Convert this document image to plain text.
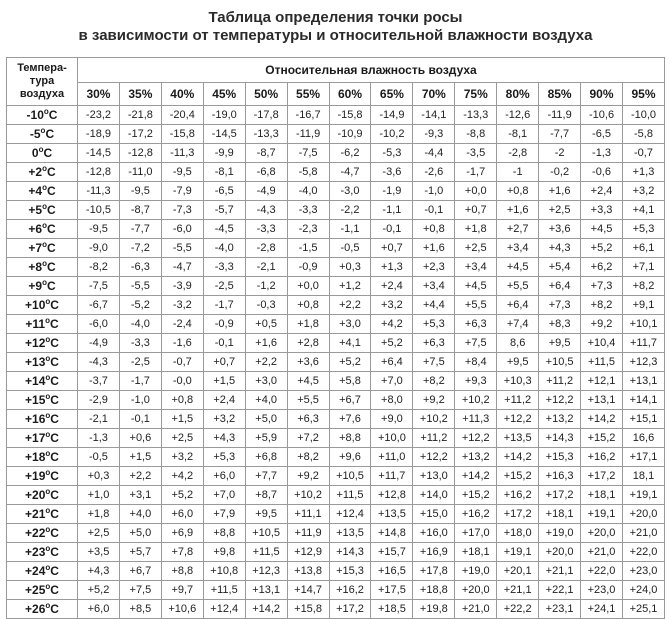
Таблица определения точки росы
в зависимости от температуры и относительной влажности воздуха
Темпера-
тура
воздуха	Относительная влажность воздуха													
	30%	35%	40%	45%	50%	55%	60%	65%	70%	75%	80%	85%	90%	95%
-10$^o$C	-23,2	-21,8	-20,4	-19,0	-17,8	-16,7	-15,8	-14,9	-14,1	-13,3	-12,6	-11,9	-10,6	-10,0
-5$^o$C	-18,9	-17,2	-15,8	-14,5	-13,3	-11,9	-10,9	-10,2	-9,3	-8,8	-8,1	-7,7	-6,5	-5,8
0$^o$C	-14,5	-12,8	-11,3	-9,9	-8,7	-7,5	-6,2	-5,3	-4,4	-3,5	-2,8	-2	-1,3	-0,7
$+2^oC$	-12,8	-11,0	-9,5	-8,1	-6,8	-5,8	-4,7	-3,6	-2,6	-1,7	-1	-0,2	-0,6	+1,3
$+4^oC$	-11,3	-9,5	-7,9	-6,5	-4,9	-4,0	-3,0	-1,9	-1,0	+0,0	+0,8	+1,6	+2,4	+3,2
$+5^oC$	-10,5	-8,7	-7,3	-5,7	-4,3	-3,3	-2,2	-1,1	-0,1	+0,7	+1,6	+2,5	+3,3	+4,1
$+6^oC$	-9,5	-7,7	-6,0	-4,5	-3,3	-2,3	-1,1	-0,1	+0,8	+1,8	+2,7	+3,6	+4,5	+5,3
$+7^oC$	-9,0	-7,2	-5,5	-4,0	-2,8	-1,5	-0,5	+0,7	+1,6	+2,5	+3,4	+4,3	+5,2	+6,1
$+8^oC$	-8,2	-6,3	-4,7	-3,3	-2,1	-0,9	+0,3	+1,3	+2,3	+3,4	+4,5	+5,4	+6,2	+7,1
$+9^oC$	-7,5	-5,5	-3,9	-2,5	-1,2	+0,0	+1,2	+2,4	+3,4	+4,5	+5,5	+6,4	+7,3	+8,2
$+10^oC$	-6,7	-5,2	-3,2	-1,7	-0,3	+0,8	+2,2	+3,2	+4,4	+5,5	+6,4	+7,3	+8,2	+9,1
$+11^oC$	-6,0	-4,0	-2,4	-0,9	+0,5	+1,8	+3,0	+4,2	+5,3	+6,3	+7,4	+8,3	+9,2	+10,1
$+12^oC$	-4,9	-3,3	-1,6	-0,1	+1,6	+2,8	+4,1	+5,2	+6,3	+7,5	8,6	+9,5	+10,4	+11,7
$+13^oC$	-4,3	-2,5	-0,7	+0,7	+2,2	+3,6	+5,2	+6,4	+7,5	+8,4	+9,5	+10,5	+11,5	+12,3
$+14^oC$	-3,7	-1,7	-0,0	+1,5	+3,0	+4,5	+5,8	+7,0	+8,2	+9,3	+10,3	+11,2	+12,1	+13,1
$+15^oC$	-2,9	-1,0	+0,8	+2,4	+4,0	+5,5	+6,7	+8,0	+9,2	+10,2	+11,2	+12,2	+13,1	+14,1
$+16^oC$	-2,1	-0,1	+1,5	+3,2	+5,0	+6,3	+7,6	+9,0	+10,2	+11,3	+12,2	+13,2	+14,2	+15,1
$+17^oC$	-1,3	+0,6	+2,5	+4,3	+5,9	+7,2	+8,8	+10,0	+11,2	+12,2	+13,5	+14,3	+15,2	16,6
$+18^oC$	-0,5	+1,5	+3,2	+5,3	+6,8	+8,2	+9,6	+11,0	+12,2	+13,2	+14,2	+15,3	+16,2	+17,1
$+19^oC$	+0,3	+2,2	+4,2	+6,0	+7,7	+9,2	+10,5	+11,7	+13,0	+14,2	+15,2	+16,3	+17,2	18,1
$+20^oC$	+1,0	+3,1	+5,2	+7,0	+8,7	+10,2	+11,5	+12,8	+14,0	+15,2	+16,2	+17,2	+18,1	+19,1
$+21^oC$	+1,8	+4,0	+6,0	+7,9	+9,5	+11,1	+12,4	+13,5	+15,0	+16,2	+17,2	+18,1	+19,1	+20,0
$+22^oC$	+2,5	+5,0	+6,9	+8,8	+10,5	+11,9	+13,5	+14,8	+16,0	+17,0	+18,0	+19,0	+20,0	+21,0
$+23^oC$	+3,5	+5,7	+7,8	+9,8	+11,5	+12,9	+14,3	+15,7	+16,9	+18,1	+19,1	+20,0	+21,0	+22,0
$+24^oC$	+4,3	+6,7	+8,8	+10,8	+12,3	+13,8	+15,3	+16,5	+17,8	+19,0	+20,1	+21,1	+22,0	+23,0
$+25^oC$	+5,2	+7,5	+9,7	+11,5	+13,1	+14,7	+16,2	+17,5	+18,8	+20,0	+21,1	+22,1	+23,0	+24,0
$+26^oC$	+6,0	+8,5	+10,6	+12,4	+14,2	+15,8	+17,2	+18,5	+19,8	+21,0	+22,2	+23,1	+24,1	+25,1
